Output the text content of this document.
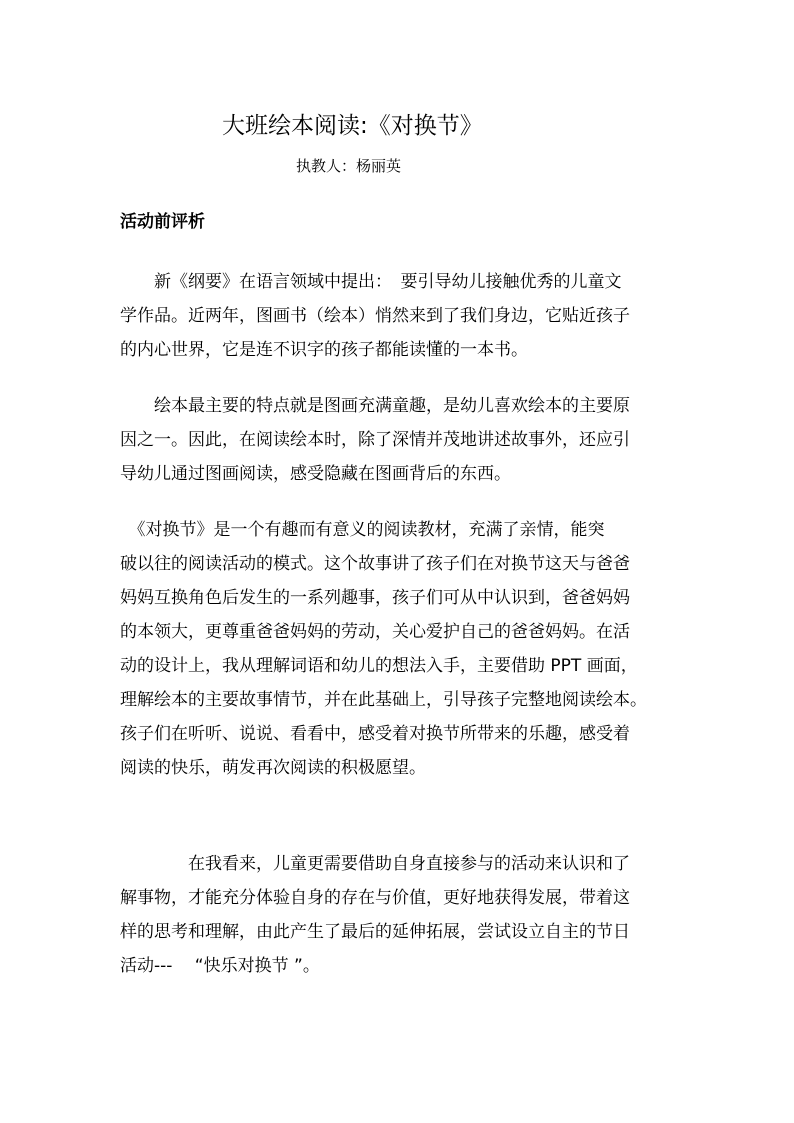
大班绘本阅读:《对换节》

执教人：杨丽英

活动前评析
　　新《纲要》在语言领域中提出：　要引导幼儿接触优秀的儿童文
学作品。近两年，图画书（绘本）悄然来到了我们身边，它贴近孩子
的内心世界，它是连不识字的孩子都能读懂的一本书。
　　绘本最主要的特点就是图画充满童趣，是幼儿喜欢绘本的主要原
因之一。因此，在阅读绘本时，除了深情并茂地讲述故事外，还应引
导幼儿通过图画阅读，感受隐藏在图画背后的东西。
　《对换节》是一个有趣而有意义的阅读教材，充满了亲情，能突
破以往的阅读活动的模式。这个故事讲了孩子们在对换节这天与爸爸
妈妈互换角色后发生的一系列趣事，孩子们可从中认识到，爸爸妈妈
的本领大，更尊重爸爸妈妈的劳动，关心爱护自己的爸爸妈妈。在活
动的设计上，我从理解词语和幼儿的想法入手，主要借助 PPT 画面，
理解绘本的主要故事情节，并在此基础上，引导孩子完整地阅读绘本。
孩子们在听听、说说、看看中，感受着对换节所带来的乐趣，感受着
阅读的快乐，萌发再次阅读的积极愿望。
　　　　在我看来，儿童更需要借助自身直接参与的活动来认识和了
解事物，才能充分体验自身的存在与价值，更好地获得发展，带着这
样的思考和理解，由此产生了最后的延伸拓展，尝试设立自主的节日
活动---　 “快乐对换节 ”。
